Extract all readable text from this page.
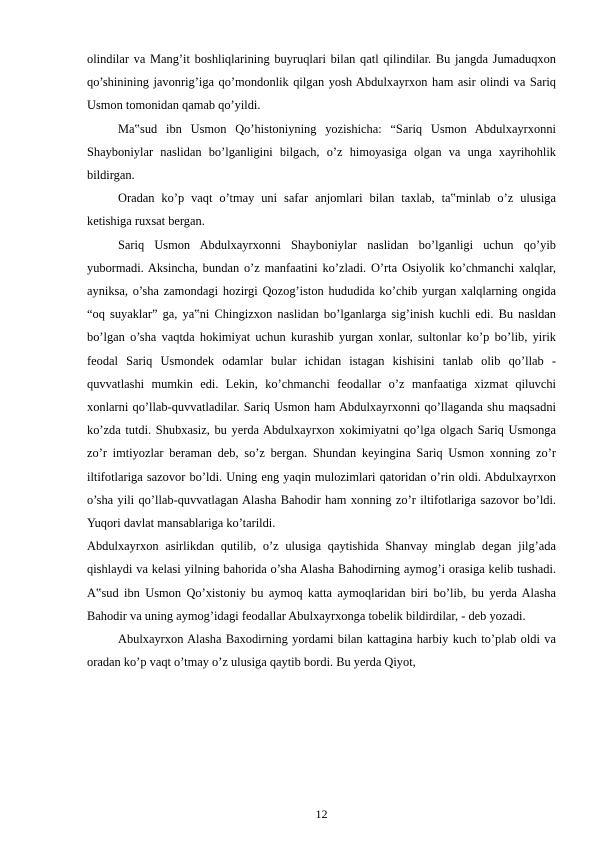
olindilar va Mang’it boshliqlarining buyruqlari bilan qatl qilindilar. Bu jangda Jumaduqxon qo’shinining javonrig’iga qo’mondonlik qilgan yosh Abdulxayrxon ham asir olindi va Sariq Usmon tomonidan qamab qo’yildi.

Ma‟sud ibn Usmon Qo’histoniyning yozishicha: “Sariq Usmon Abdulxayrxonni Shayboniylar naslidan bo’lganligini bilgach, o’z himoyasiga olgan va unga xayrihohlik bildirgan.

Oradan ko’p vaqt o’tmay uni safar anjomlari bilan taxlab, ta‟minlab o’z ulusiga ketishiga ruxsat bergan.

Sariq Usmon Abdulxayrxonni Shayboniylar naslidan bo’lganligi uchun qo’yib yubormadi. Aksincha, bundan o’z manfaatini ko’zladi. O’rta Osiyolik ko’chmanchi xalqlar, ayniksa, o’sha zamondagi hozirgi Qozog’iston hududida ko’chib yurgan xalqlarning ongida “oq suyaklar” ga, ya‟ni Chingizxon naslidan bo’lganlarga sig’inish kuchli edi. Bu nasldan bo’lgan o’sha vaqtda hokimiyat uchun kurashib yurgan xonlar, sultonlar ko’p bo’lib, yirik feodal Sariq Usmondek odamlar bular ichidan istagan kishisini tanlab olib qo’llab - quvvatlashi mumkin edi. Lekin, ko’chmanchi feodallar o’z manfaatiga xizmat qiluvchi xonlarni qo’llab-quvvatladilar. Sariq Usmon ham Abdulxayrxonni qo’llaganda shu maqsadni ko’zda tutdi. Shubxasiz, bu yerda Abdulxayrxon xokimiyatni qo’lga olgach Sariq Usmonga zo’r imtiyozlar beraman deb, so’z bergan. Shundan keyingina Sariq Usmon xonning zo’r iltifotlariga sazovor bo’ldi. Uning eng yaqin mulozimlari qatoridan o’rin oldi. Abdulxayrxon o’sha yili qo’llab-quvvatlagan Alasha Bahodir ham xonning zo’r iltifotlariga sazovor bo’ldi. Yuqori davlat mansablariga ko’tarildi.

Abdulxayrxon asirlikdan qutilib, o’z ulusiga qaytishida Shanvay minglab degan jilg’ada qishlaydi va kelasi yilning bahorida o’sha Alasha Bahodirning aymog’i orasiga kelib tushadi. A‟sud ibn Usmon Qo’xistoniy bu aymoq katta aymoqlaridan biri bo’lib, bu yerda Alasha Bahodir va uning aymog’idagi feodallar Abulxayrxonga tobelik bildirdilar, - deb yozadi.

Abulxayrxon Alasha Baxodirning yordami bilan kattagina harbiy kuch to’plab oldi va oradan ko’p vaqt o’tmay o’z ulusiga qaytib bordi. Bu yerda Qiyot,

12
